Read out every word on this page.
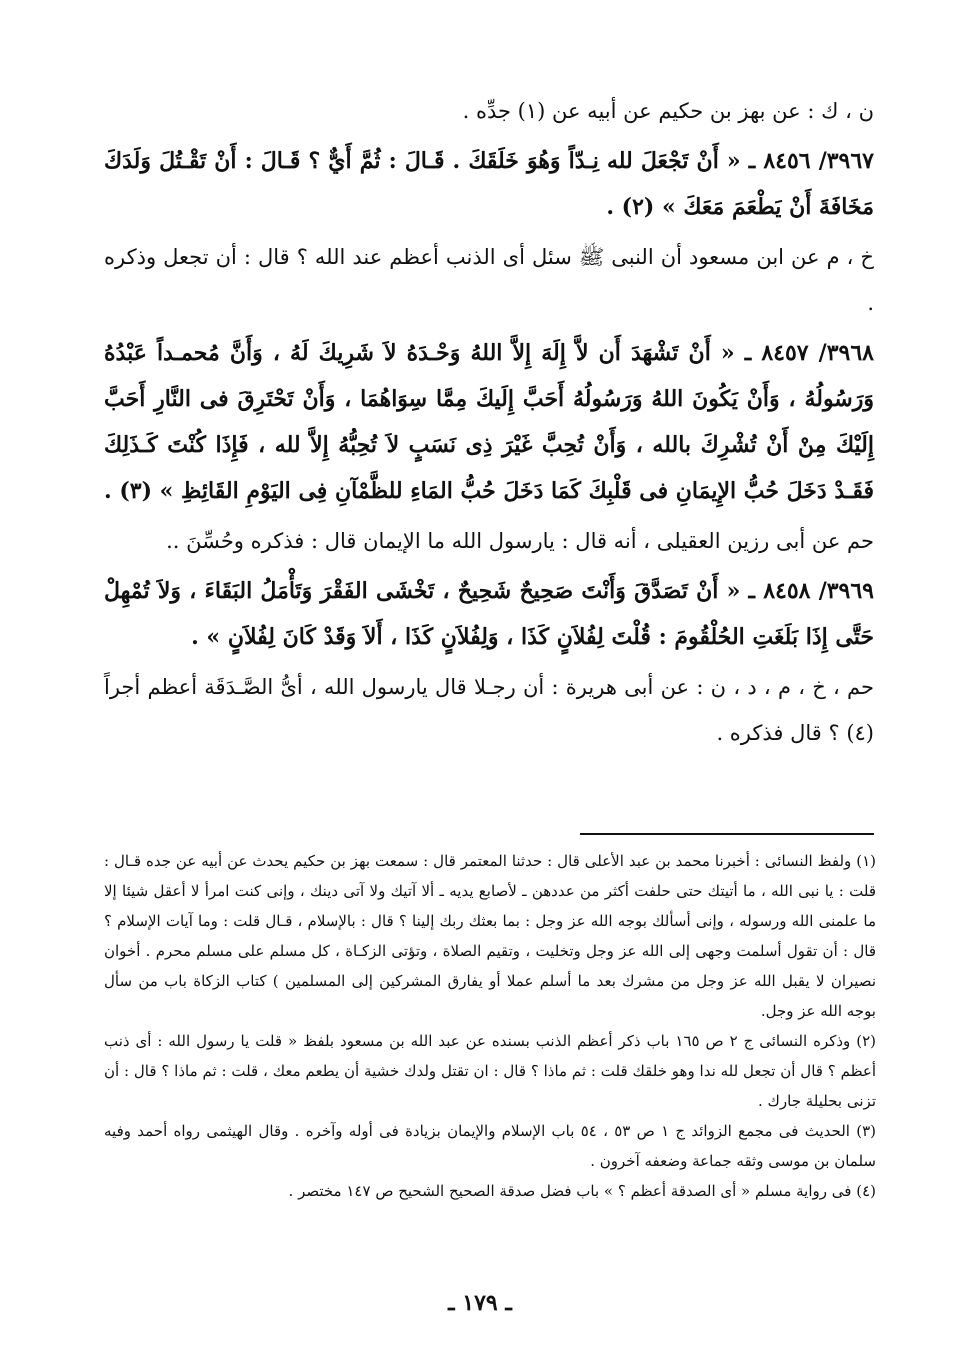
ن ، ك : عن بهز بن حكيم عن أبيه عن (١) جدِّه .

٣٩٦٧/ ٨٤٥٦ ـ « أَنْ تَجْعَلَ لله نِـدّاً وَهُوَ خَلَقَكَ . قَـالَ : ثُمَّ أَيٌّ ؟ قَـالَ : أَنْ تَقْـتُلَ وَلَدَكَ مَخَافَةَ أَنْ يَطْعَمَ مَعَكَ » (٢) .

خ ، م عن ابن مسعود أن النبى ﷺ سئل أى الذنب أعظم عند الله ؟ قال : أن تجعل وذكره .

٣٩٦٨/ ٨٤٥٧ ـ « أَنْ تَشْهَدَ أَن لاَّ إِلَهَ إِلاَّ اللهُ وَحْـدَهُ لاَ شَرِيكَ لَهُ ، وَأَنَّ مُحمـداً عَبْدُهُ وَرَسُولُهُ ، وَأَنْ يَكُونَ اللهُ وَرَسُولُهُ أَحَبَّ إِلَيكَ مِمَّا سِوَاهُمَا ، وَأَنْ تَحْتَرِقَ فى النَّارِ أَحَبَّ إِلَيْكَ مِنْ أَنْ تُشْرِكَ بالله ، وَأَنْ تُحِبَّ غَيْرَ ذِى نَسَبٍ لاَ تُحِبُّهُ إِلاَّ لله ، فَإِذَا كُنْتَ كَـذَلِكَ فَقَـدْ دَخَلَ حُبُّ الإِيمَانِ فى قَلْبِكَ كَمَا دَخَلَ حُبُّ المَاءِ للظَّمْآنِ فِى اليَوْمِ القَائِظِ » (٣) .

حم عن أبى رزين العقيلى ، أنه قال : يارسول الله ما الإيمان قال : فذكره وحُسِّنَ ..

٣٩٦٩/ ٨٤٥٨ ـ « أَنْ تَصَدَّقَ وَأَنْتَ صَحِيحٌ شَحِيحٌ ، تَخْشَى الفَقْرَ وَتَأْمَلُ البَقَاءَ ، وَلاَ تُمْهِلْ حَتَّى إِذَا بَلَغَتِ الحُلْقُومَ : قُلْتَ لِفُلاَنٍ كَذَا ، وَلِفُلاَنٍ كَذَا ، أَلاَ وَقَدْ كَانَ لِفُلاَنٍ » .

حم ، خ ، م ، د ، ن : عن أبى هريرة : أن رجـلا قال يارسول الله ، أىُّ الصَّـدَقَة أعظم أجراً (٤) ؟ قال فذكره .

(١) ولفظ النسائى : أخبرنا محمد بن عبد الأعلى قال : حدثنا المعتمر قال : سمعت بهز بن حكيم يحدث عن أبيه عن جده قـال : قلت : يا نبى الله ، ما أتيتك حتى حلفت أكثر من عددهن ـ لأصابع يديه ـ ألا آتيك ولا آتى دينك ، وإنى كنت امرأ لا أعقل شيئا إلا ما علمنى الله ورسوله ، وإنى أسألك بوجه الله عز وجل : بما بعثك ربك إلينا ؟ قال : بالإسلام ، قـال قلت : وما آيات الإسلام ؟ قال : أن تقول أسلمت وجهى إلى الله عز وجل وتخليت ، وتقيم الصلاة ، وتؤتى الزكـاة ، كل مسلم على مسلم محرم . أخوان نصيران لا يقبل الله عز وجل من مشرك بعد ما أسلم عملا أو يفارق المشركين إلى المسلمين ) كتاب الزكاة باب من سأل بوجه الله عز وجل.

(٢) وذكره النسائى ج ٢ ص ١٦٥ باب ذكر أعظم الذنب بسنده عن عبد الله بن مسعود بلفظ « قلت يا رسول الله : أى ذنب أعظم ؟ قال أن تجعل لله ندا وهو خلقك قلت : ثم ماذا ؟ قال : ان تقتل ولدك خشية أن يطعم معك ، قلت : ثم ماذا ؟ قال : أن تزنى بحليلة جارك .

(٣) الحديث فى مجمع الزوائد ج ١ ص ٥٣ ، ٥٤ باب الإسلام والإيمان بزيادة فى أوله وآخره . وقال الهيثمى رواه أحمد وفيه سلمان بن موسى وثقه جماعة وضعفه آخرون .

(٤) فى رواية مسلم « أى الصدقة أعظم ؟ » باب فضل صدقة الصحيح الشحيح ص ١٤٧ مختصر .

ـ ١٧٩ ـ
